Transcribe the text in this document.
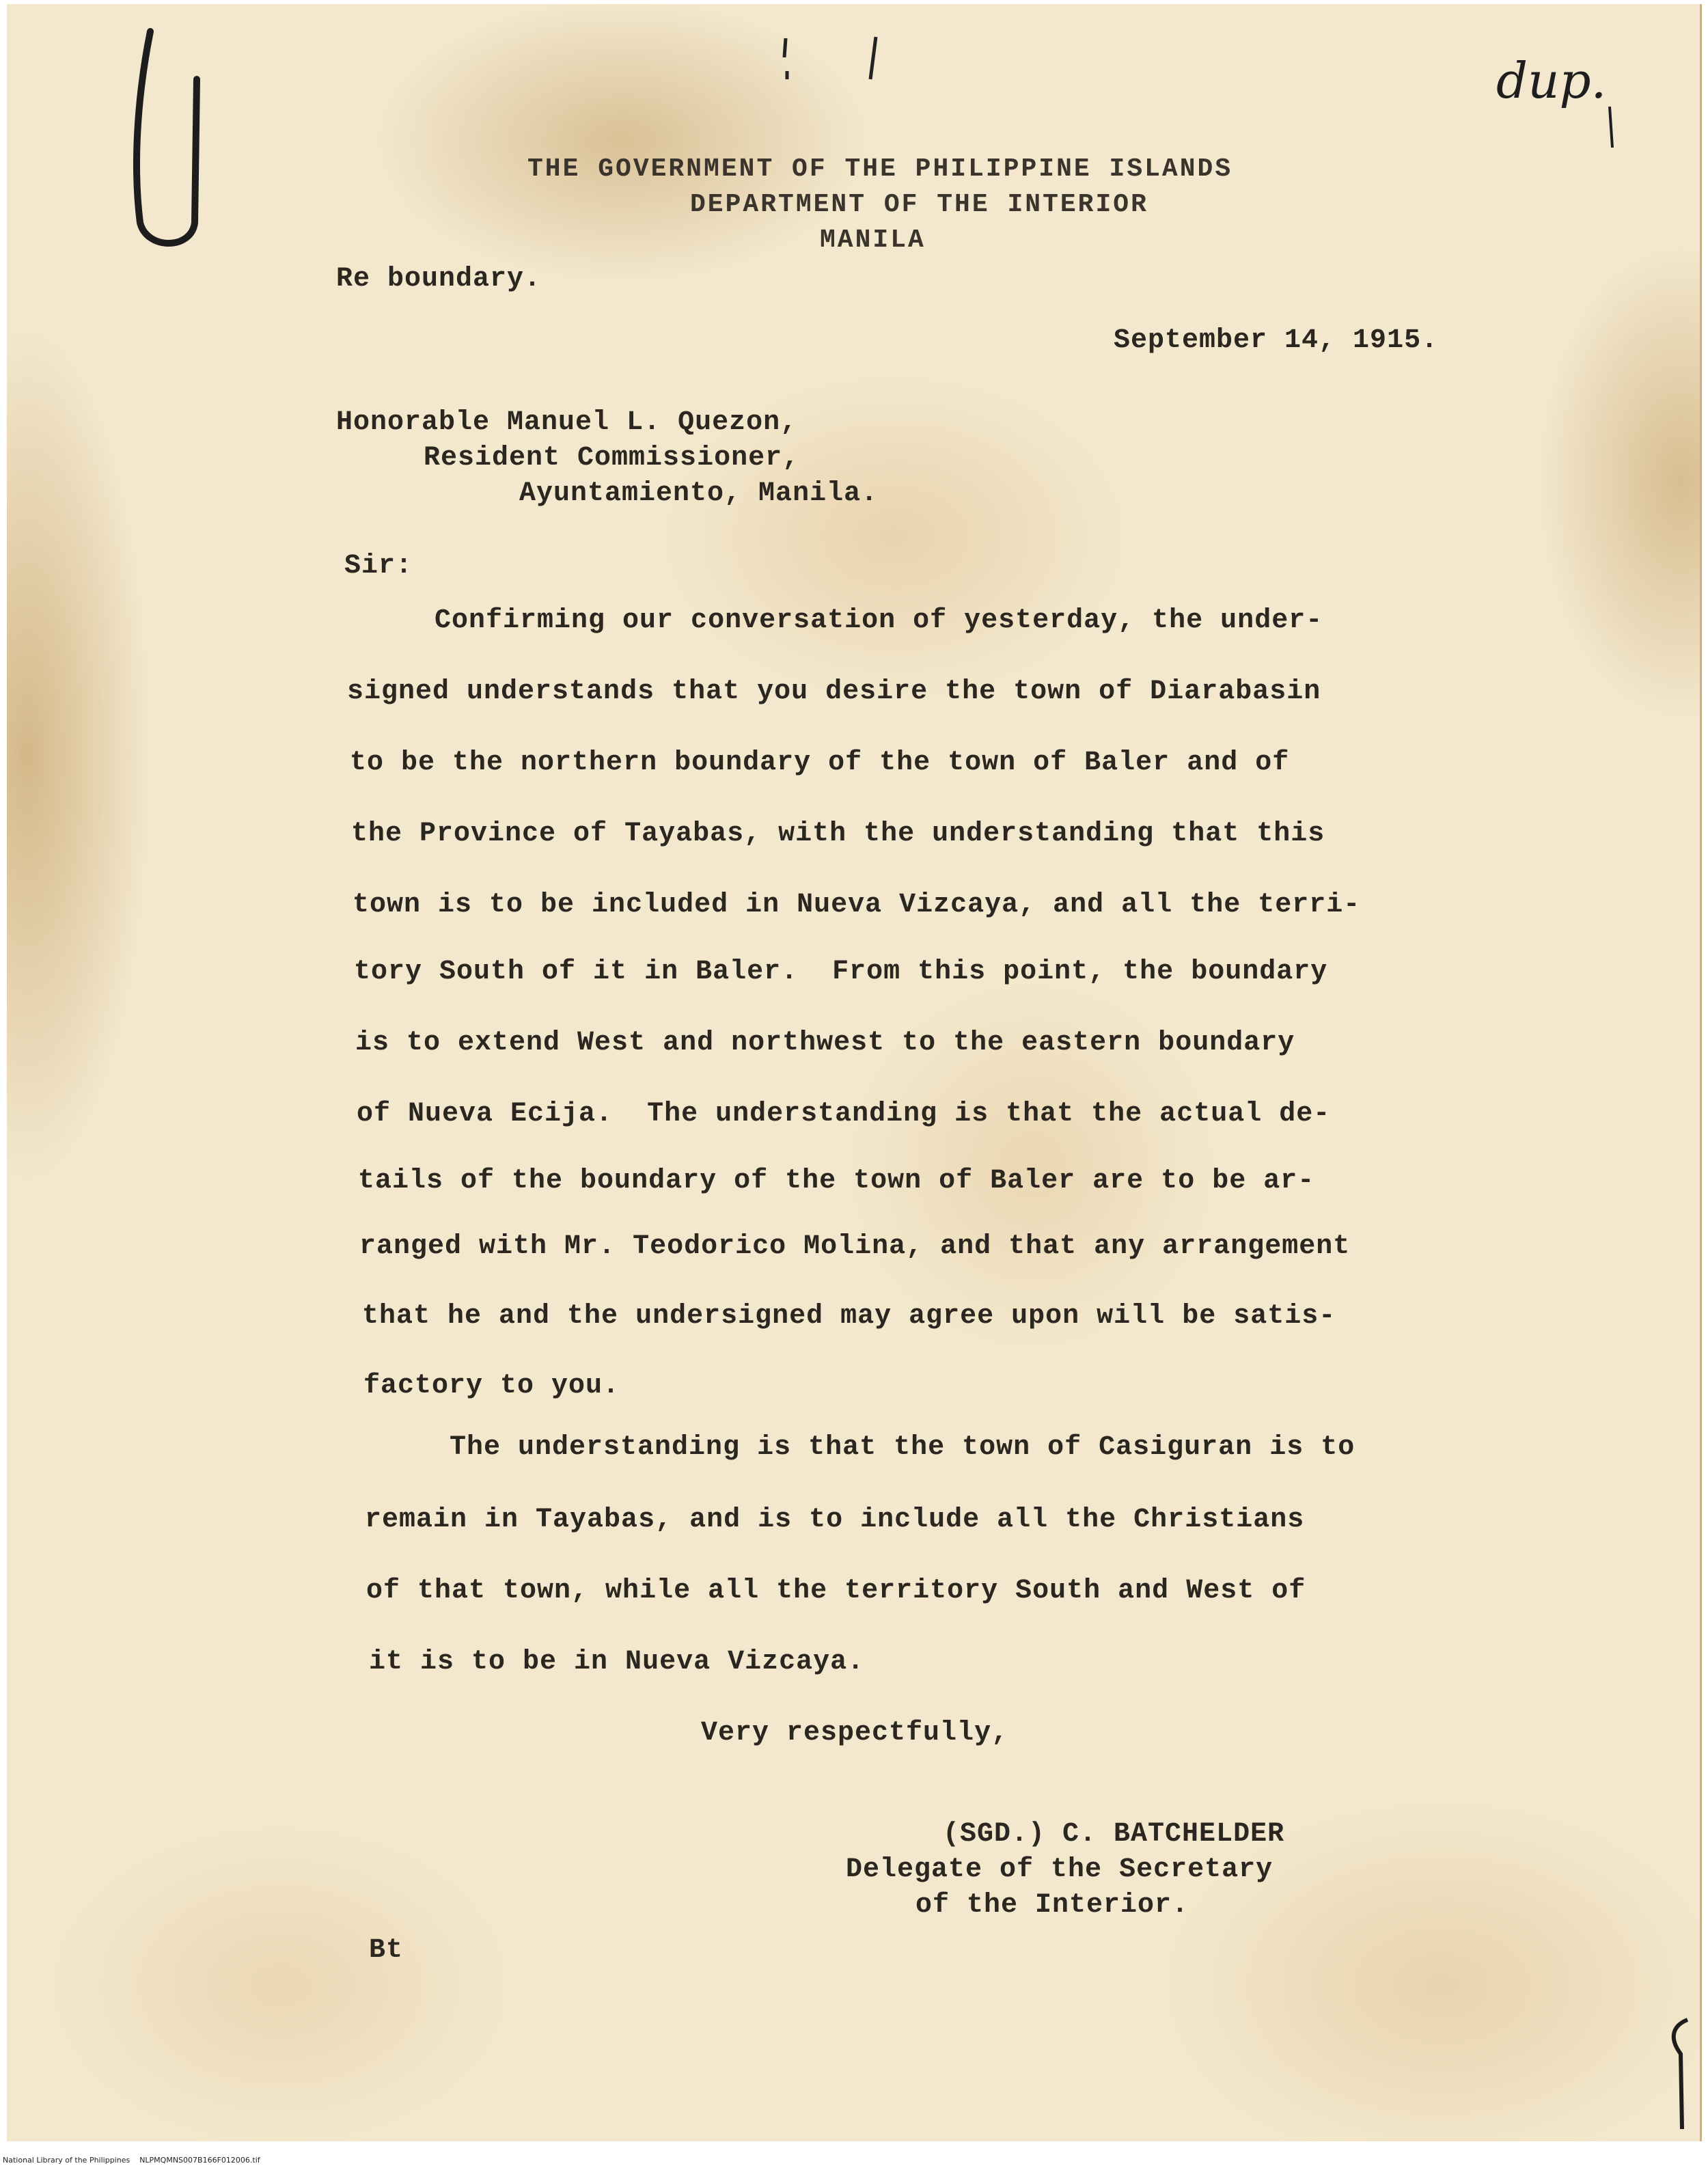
dup.

THE GOVERNMENT OF THE PHILIPPINE ISLANDS

DEPARTMENT OF THE INTERIOR

MANILA

Re boundary.

September 14, 1915.

Honorable Manuel L. Quezon,

Resident Commissioner,

Ayuntamiento, Manila.

Sir:

Confirming our conversation of yesterday, the under-

signed understands that you desire the town of Diarabasin

to be the northern boundary of the town of Baler and of

the Province of Tayabas, with the understanding that this

town is to be included in Nueva Vizcaya, and all the terri-

tory South of it in Baler.  From this point, the boundary

is to extend West and northwest to the eastern boundary

of Nueva Ecija.  The understanding is that the actual de-

tails of the boundary of the town of Baler are to be ar-

ranged with Mr. Teodorico Molina, and that any arrangement

that he and the undersigned may agree upon will be satis-

factory to you.

The understanding is that the town of Casiguran is to

remain in Tayabas, and is to include all the Christians

of that town, while all the territory South and West of

it is to be in Nueva Vizcaya.

Very respectfully,

(SGD.) C. BATCHELDER

Delegate of the Secretary

of the Interior.

Bt

National Library of the Philippines    NLPMQMNS007B166F012006.tif
